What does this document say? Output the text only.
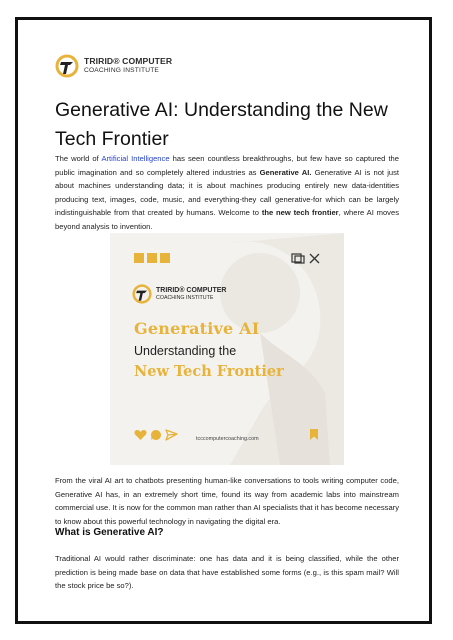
TRIRID® COMPUTER
COACHING INSTITUTE
Generative AI: Understanding the New Tech Frontier

The world of Artificial Intelligence has seen countless breakthroughs, but few have so captured the public imagination and so completely altered industries as Generative AI. Generative AI is not just about machines understanding data; it is about machines producing entirely new data-identities producing text, images, code, music, and everything-they call generative-for which can be largely indistinguishable from that created by humans. Welcome to the new tech frontier, where AI moves beyond analysis to invention.

TRIRID® COMPUTER
COACHING INSTITUTE
Generative AI
Understanding the
New Tech Frontier
tcccomputercoaching.com

From the viral AI art to chatbots presenting human-like conversations to tools writing computer code, Generative AI has, in an extremely short time, found its way from academic labs into mainstream commercial use. It is now for the common man rather than AI specialists that it has become necessary to know about this powerful technology in navigating the digital era.

What is Generative AI?

Traditional AI would rather discriminate: one has data and it is being classified, while the other prediction is being made base on data that have established some forms (e.g., is this spam mail? Will the stock price be so?).
